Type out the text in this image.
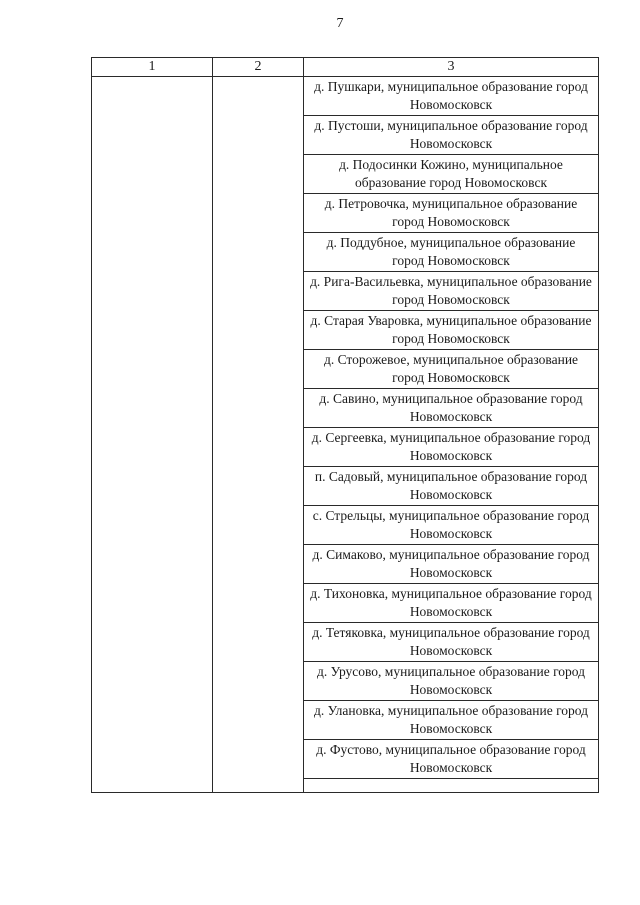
7
1	2	3
		д. Пушкари, муниципальное образование город Новомосковск
		д. Пустоши, муниципальное образование город Новомосковск
		д. Подосинки Кожино, муниципальное образование город Новомосковск
		д. Петровочка, муниципальное образование город Новомосковск
		д. Поддубное, муниципальное образование город Новомосковск
		д. Рига-Васильевка, муниципальное образование город Новомосковск
		д. Старая Уваровка, муниципальное образование город Новомосковск
		д. Сторожевое, муниципальное образование город Новомосковск
		д. Савино, муниципальное образование город Новомосковск
		д. Сергеевка, муниципальное образование город Новомосковск
		п. Садовый, муниципальное образование город Новомосковск
		с. Стрельцы, муниципальное образование город Новомосковск
		д. Симаково, муниципальное образование город Новомосковск
		д. Тихоновка, муниципальное образование город Новомосковск
		д. Тетяковка, муниципальное образование город Новомосковск
		д. Урусово, муниципальное образование город Новомосковск
		д. Улановка, муниципальное образование город Новомосковск
		д. Фустово, муниципальное образование город Новомосковск
